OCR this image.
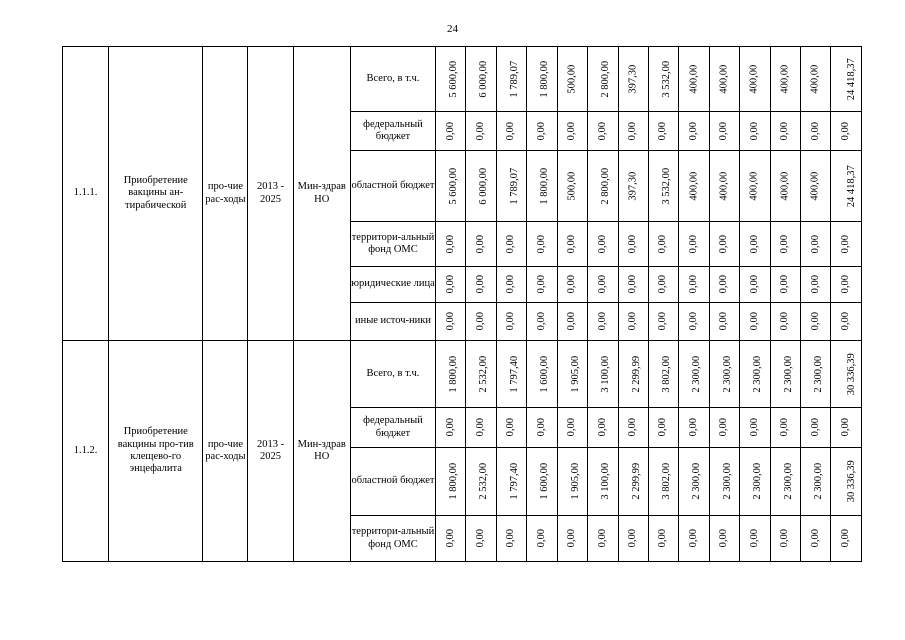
24
1.1.1.	Приобретение вакцины ан-тирабической	про-чие рас-ходы	2013 - 2025	Мин-здрав НО	Всего, в т.ч.	5 600,00	6 000,00	1 789,07	1 800,00	500,00	2 800,00	397,30	3 532,00	400,00	400,00	400,00	400,00	400,00	24 418,37
					федеральный бюджет	0,00	0,00	0,00	0,00	0,00	0,00	0,00	0,00	0,00	0,00	0,00	0,00	0,00	0,00
					областной бюджет	5 600,00	6 000,00	1 789,07	1 800,00	500,00	2 800,00	397,30	3 532,00	400,00	400,00	400,00	400,00	400,00	24 418,37
					территори-альный фонд ОМС	0,00	0,00	0,00	0,00	0,00	0,00	0,00	0,00	0,00	0,00	0,00	0,00	0,00	0,00
					юридические лица	0,00	0,00	0,00	0,00	0,00	0,00	0,00	0,00	0,00	0,00	0,00	0,00	0,00	0,00
					иные источ-ники	0,00	0,00	0,00	0,00	0,00	0,00	0,00	0,00	0,00	0,00	0,00	0,00	0,00	0,00
1.1.2.	Приобретение вакцины про-тив клещево-го энцефалита	про-чие рас-ходы	2013 - 2025	Мин-здрав НО	Всего, в т.ч.	1 800,00	2 532,00	1 797,40	1 600,00	1 905,00	3 100,00	2 299,99	3 802,00	2 300,00	2 300,00	2 300,00	2 300,00	2 300,00	30 336,39
					федеральный бюджет	0,00	0,00	0,00	0,00	0,00	0,00	0,00	0,00	0,00	0,00	0,00	0,00	0,00	0,00
					областной бюджет	1 800,00	2 532,00	1 797,40	1 600,00	1 905,00	3 100,00	2 299,99	3 802,00	2 300,00	2 300,00	2 300,00	2 300,00	2 300,00	30 336,39
					территори-альный фонд ОМС	0,00	0,00	0,00	0,00	0,00	0,00	0,00	0,00	0,00	0,00	0,00	0,00	0,00	0,00
